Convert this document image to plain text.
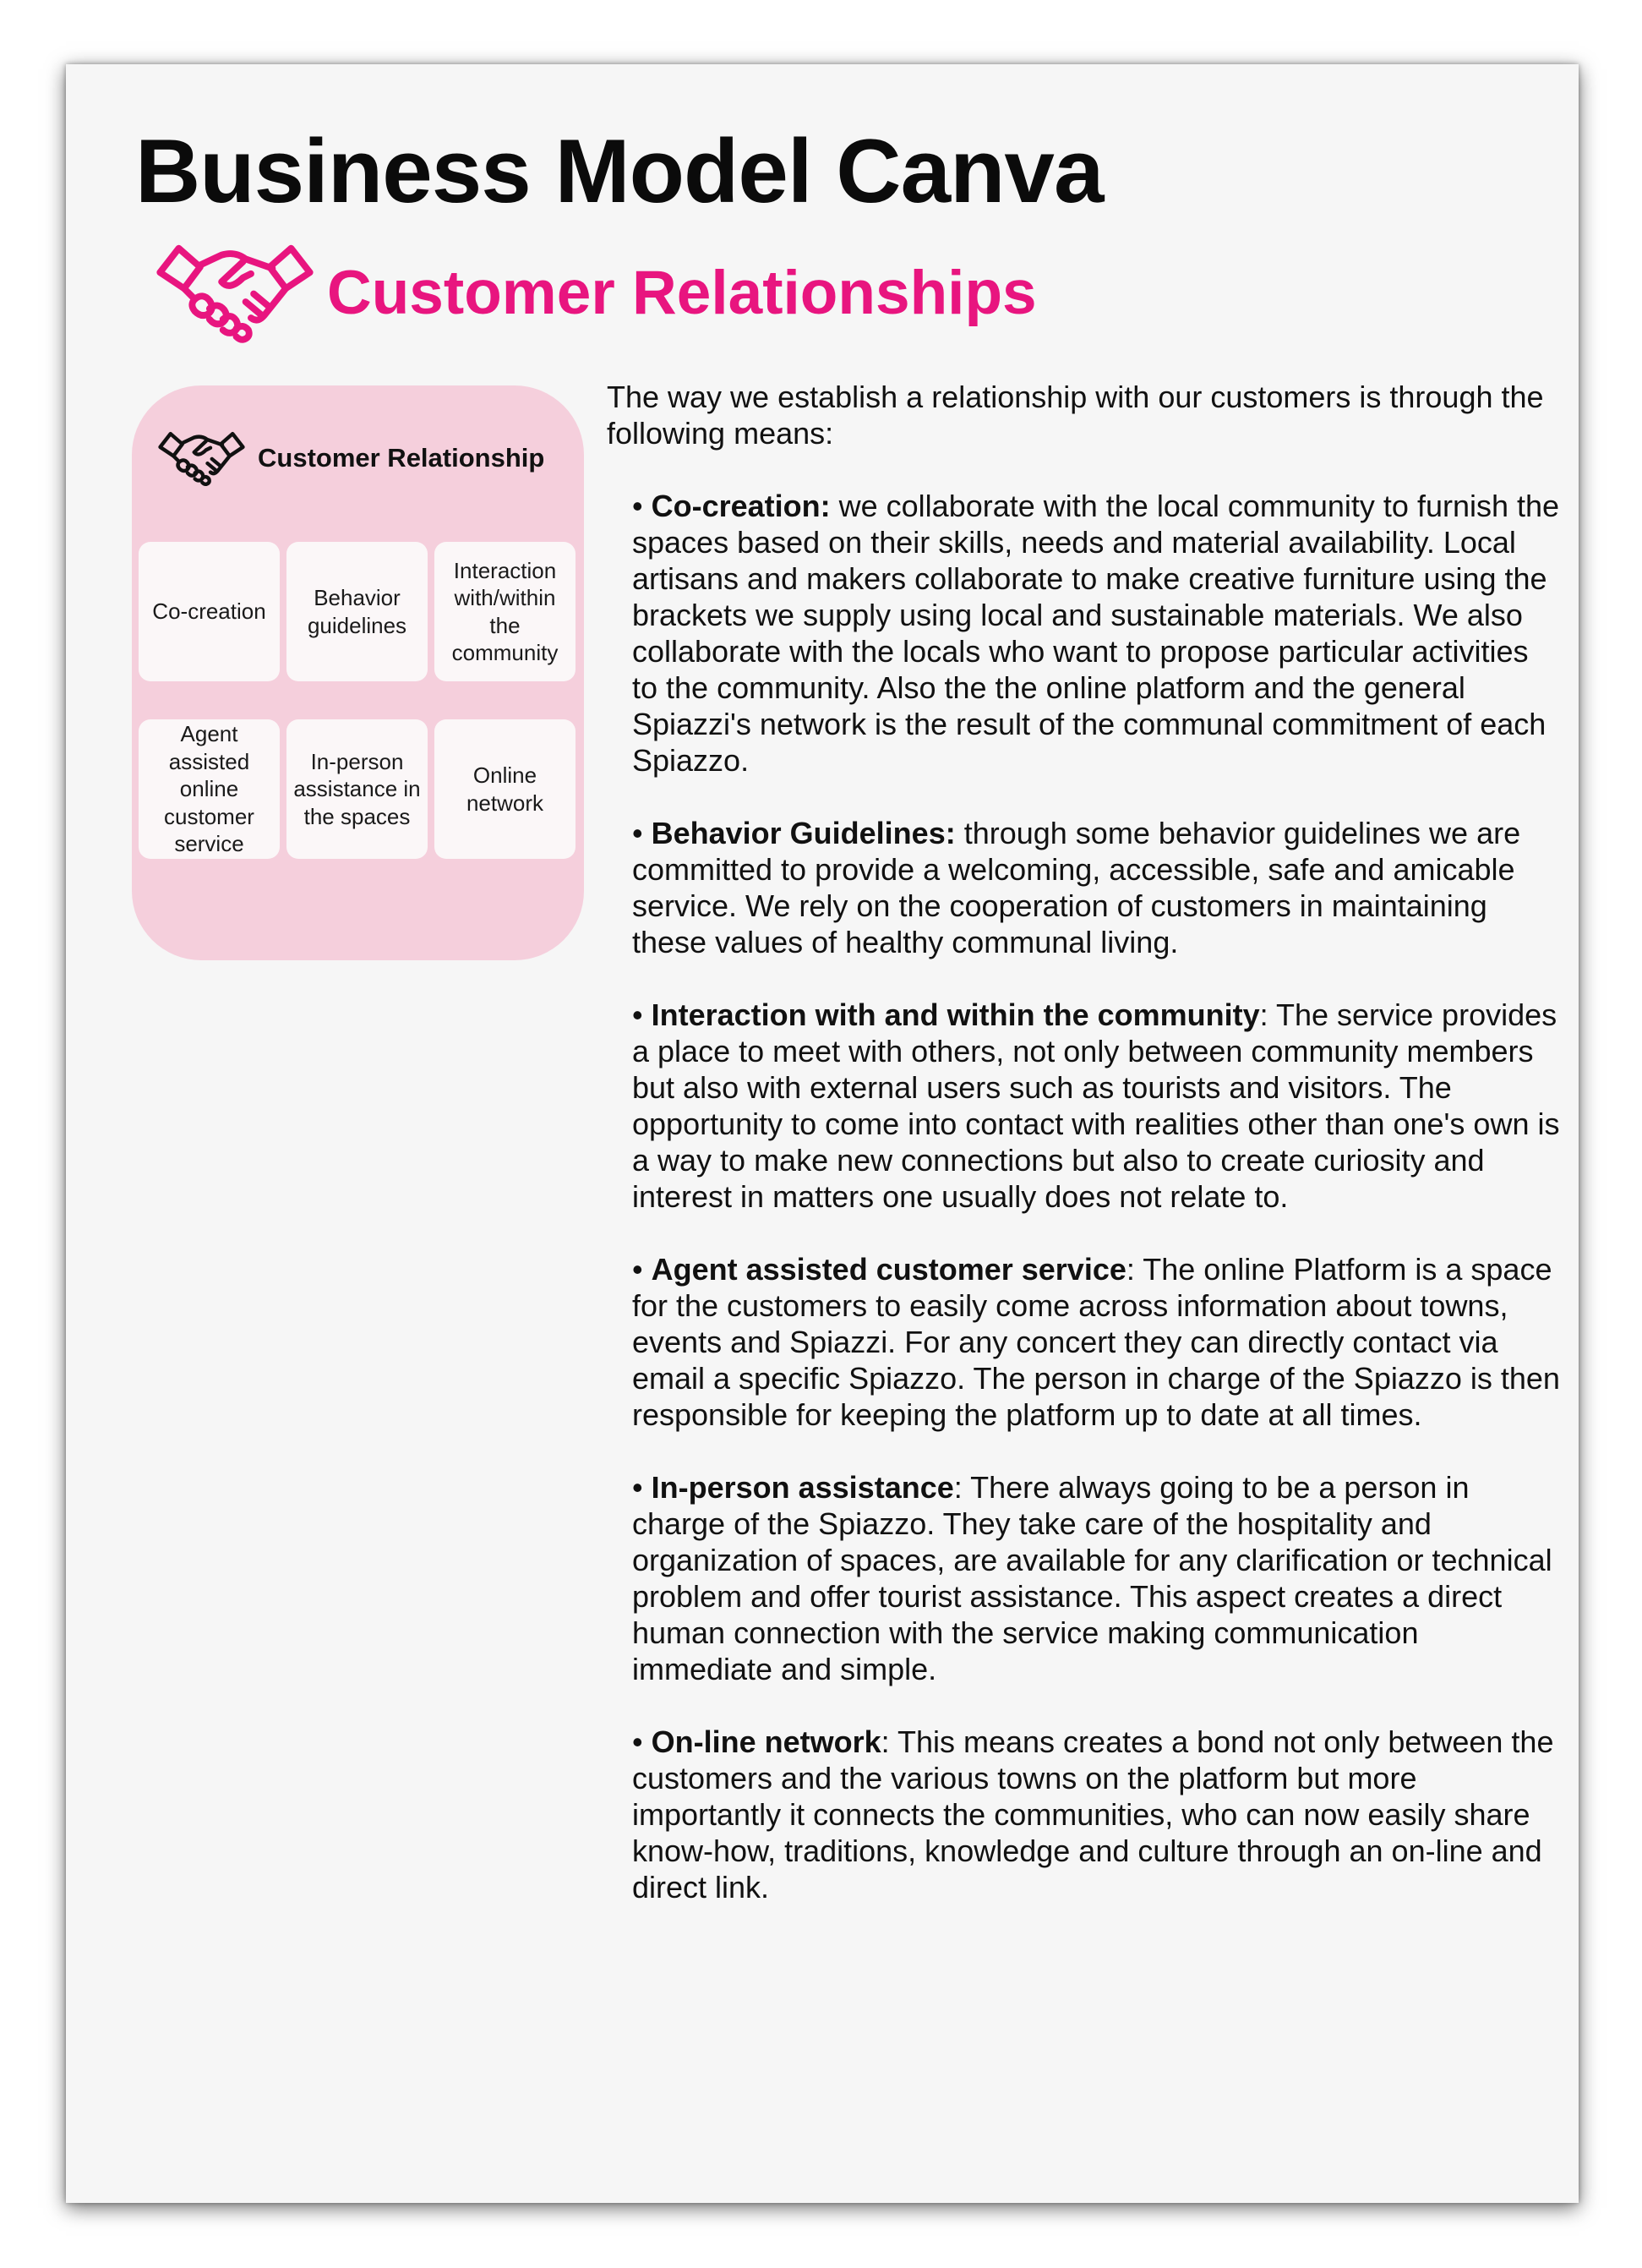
Business Model Canva
Customer Relationships
Customer Relationship
Co-creation
Behavior guidelines
Interaction with/within the community
Agent assisted online customer service
In-person assistance in the spaces
Online network

The way we establish a relationship with our customers is through the following means:

• Co-creation: we collaborate with the local community to furnish the spaces based on their skills, needs and material availability. Local artisans and makers collaborate to make creative furniture using the brackets we supply using local and sustainable materials. We also collaborate with the locals who want to propose particular activities to the community. Also the the online platform and the general Spiazzi's network is the result of the communal commitment of each Spiazzo.
• Behavior Guidelines: through some behavior guidelines we are committed to provide a welcoming, accessible, safe and amicable service. We rely on the cooperation of customers in maintaining these values of healthy communal living.
• Interaction with and within the community: The service provides a place to meet with others, not only between community members but also with external users such as tourists and visitors. The opportunity to come into contact with realities other than one's own is a way to make new connections but also to create curiosity and interest in matters one usually does not relate to.
• Agent assisted customer service: The online Platform is a space for the customers to easily come across information about towns, events and Spiazzi. For any concert they can directly contact via email a specific Spiazzo. The person in charge of the Spiazzo is then responsible for keeping the platform up to date at all times.
• In-person assistance: There always going to be a person in charge of the Spiazzo. They take care of the hospitality and organization of spaces, are available for any clarification or technical problem and offer tourist assistance. This aspect creates a direct human connection with the service making communication immediate and simple.
• On-line network: This means creates a bond not only between the customers and the various towns on the platform but more importantly it connects the communities, who can now easily share know-how, traditions, knowledge and culture through an on-line and direct link.
